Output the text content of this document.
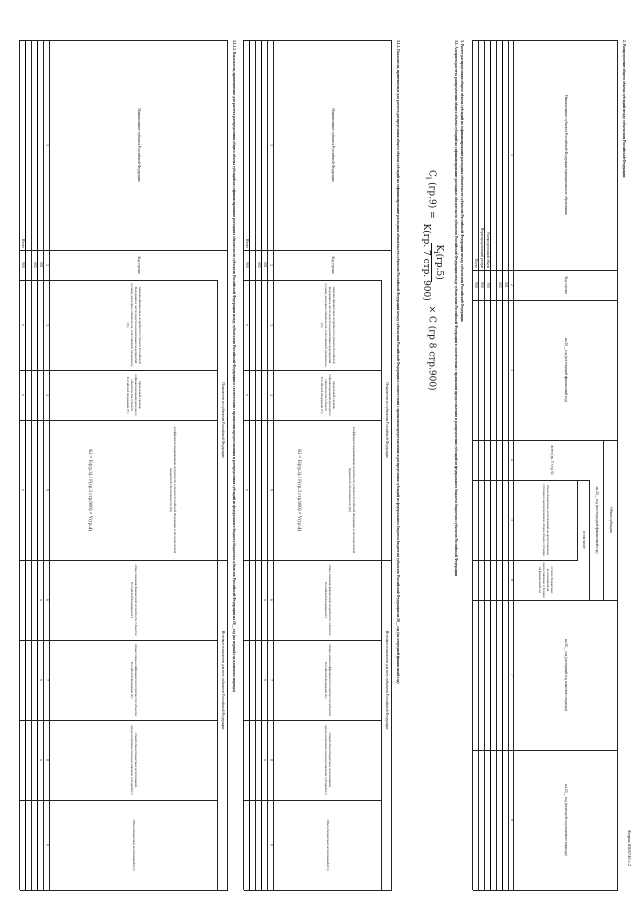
Форма 0505746 с.2
2. Распределение общего объема субсидий между субъектами Российской Федерации
Наименование субъекта Российской Федерации/муниципального образования
Код строки
на 20__ год (на текущий финансовый год)
Объем субсидии
на 20__ год (на очередной финансовый год)
всего (гр. 5 + гр. 6)
в том числе
объем бюджетных ассигнований на предоставление субсидии в распределенном общем объеме субсидии
остаток бюджетных ассигнований на предоставление субсидии на финансовый год
на 20__ год (на первый год планового периода)
на 20__ год (на второй год планового периода)
1
2
3
4
5
6
7
8
001
002
Распределенный объем
700
Нераспределенный резерв
800
Всего
900
3. Расчет распределения общего объема субсидий на софинансирование расходных обязательств субъектов Российской Федерации между субъектами Российской Федерации
3.1. Алгоритм расчета распределения общего объема субсидий на софинансирование расходных обязательств субъектов Российской Федерации между субъектами Российской Федерации в соответствии с правилами предоставления и распределения субсидий из федерального бюджета бюджетам субъектов Российской Федерации
$C_i$ (гр.9) =
$K_i(гр.5)$
K(гр. 7 стр. 900)
× C (гр 8 стр.900)
3.1.1. Показатели, применяемые для расчета распределения общего объема субсидий на софинансирование расходных обязательств субъектов Российской Федерации между субъектами Российской Федерации в соответствии с правилами предоставления и распределения субсидий из федерального бюджета бюджетам субъектов Российской Федерации на 20__ год (на очередной финансовый год)
Показатели по субъектам Российской Федерации
Итоговые показатели для всех субъектов Российской Федерации
Наименование субъекта Российской Федерации
Код строки
значение финансовых потребности субъекта Российской Федерации в части средств на реализацию мероприятий (сумма), расходных обязательств, сопоставимой (показатель) (%)
предельный уровень софинансирования расходного обязательства субъекта Российской Федерации (Y)
коэффициент выравнивания потребности субъекта Российской Федерации в части расчетной бюджетной обеспеченности (Ki)
Ki = Fi(гр.3) / F(гр.3 стр.900) × Y(гр.4)
общее значение финансовой потребности субъектов Российской Федерации (F)
общая сумма коэффициентов потребности субъектов Российской Федерации (K)
общий объем бюджетных ассигнований, предусмотренных на предоставление субсидий (C)
Объем бюджетных ассигнований (Ci)
1
2
3
4
5
6
7
8
9
001
002
x
x
x
Итого
900
x
x
x
3.1.1.2. Показатели, применяемые для расчета распределения общего объема субсидий на софинансирование расходных обязательств субъектов Российской Федерации между субъектами Российской Федерации в соответствии с правилами предоставления и распределения субсидий из федерального бюджета бюджетам субъектов Российской Федерации на 20__ год (на первый год планового периода)
Показатели по субъектам Российской Федерации
Итоговые показатели для всех субъектов Российской Федерации
Наименование субъекта Российской Федерации
Код строки
значение финансовых потребности субъекта Российской Федерации в части средств на реализацию мероприятий (сумма), расходных обязательств, сопоставимой (показатель) (%)
предельный уровень софинансирования расходного обязательства субъекта Российской Федерации (Y)
коэффициент выравнивания потребности субъекта Российской Федерации в части расчетной бюджетной обеспеченности (Ki)
Ki = Fi(гр.3) / F(гр.3 стр.900) × Y(гр.4)
общее значение финансовой потребности субъектов Российской Федерации (F)
общая сумма коэффициентов потребности субъектов Российской Федерации (K)
общий объем бюджетных ассигнований, предусмотренных на предоставление субсидий (C)
Объем бюджетных ассигнований (Ci)
1
2
3
4
5
6
7
8
9
001
002
x
x
x
Итого
900
x
x
x
